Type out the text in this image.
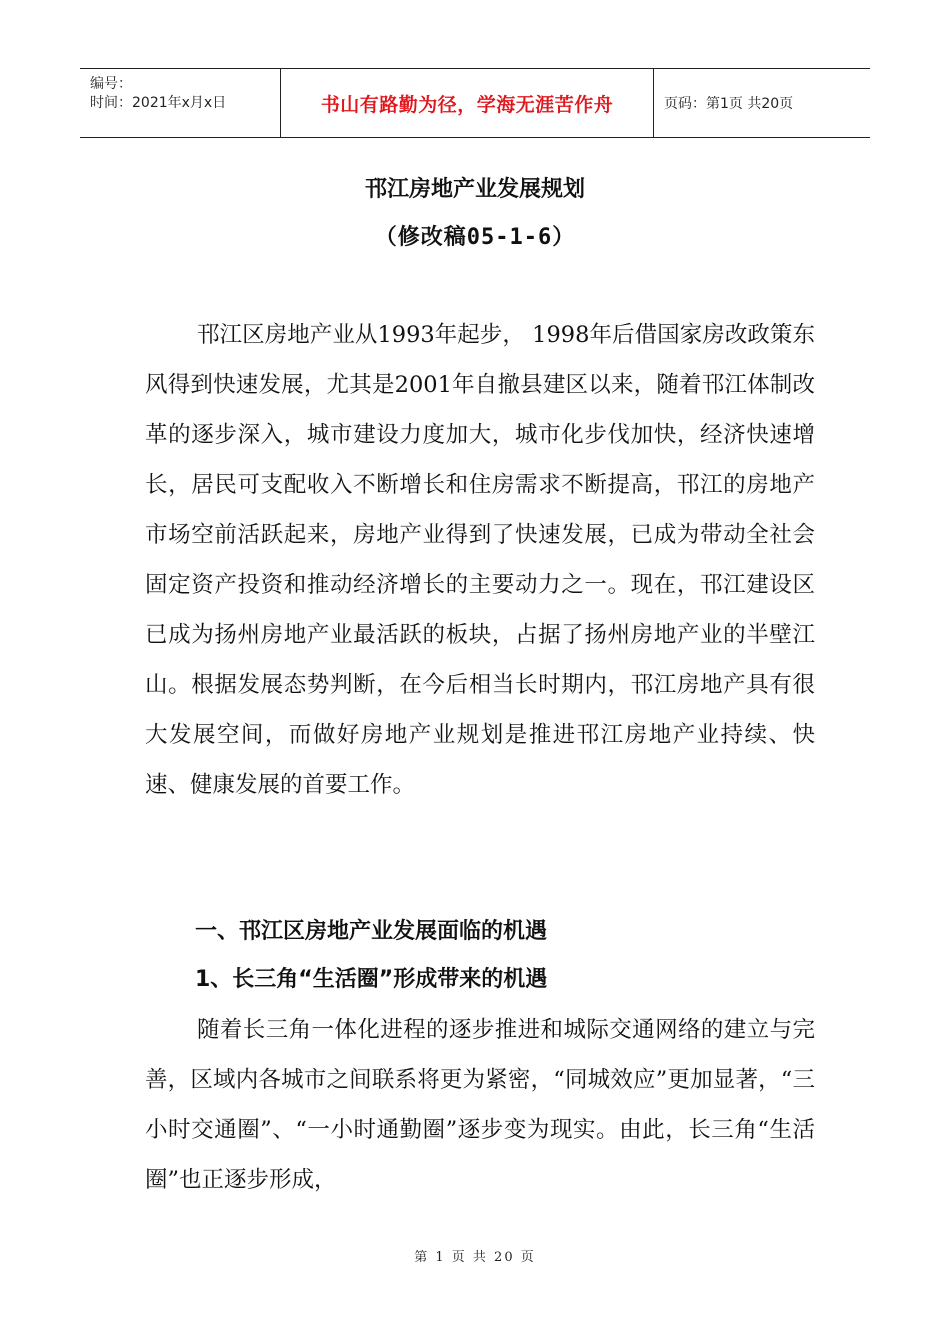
编号：
时间：2021年x月x日	书山有路勤为径，学海无涯苦作舟	页码：第1页 共20页
邗江房地产业发展规划
（修改稿05-1-6）

邗江区房地产业从1993年起步， 1998年后借国家房改政策东风得到快速发展，尤其是2001年自撤县建区以来，随着邗江体制改革的逐步深入，城市建设力度加大，城市化步伐加快，经济快速增长，居民可支配收入不断增长和住房需求不断提高，邗江的房地产市场空前活跃起来，房地产业得到了快速发展，已成为带动全社会固定资产投资和推动经济增长的主要动力之一。现在，邗江建设区已成为扬州房地产业最活跃的板块，占据了扬州房地产业的半壁江山。根据发展态势判断，在今后相当长时期内，邗江房地产具有很大发展空间，而做好房地产业规划是推进邗江房地产业持续、快速、健康发展的首要工作。

一、邗江区房地产业发展面临的机遇
1、长三角“生活圈”形成带来的机遇

随着长三角一体化进程的逐步推进和城际交通网络的建立与完善，区域内各城市之间联系将更为紧密，“同城效应”更加显著，“三小时交通圈”、“一小时通勤圈”逐步变为现实。由此，长三角“生活圈”也正逐步形成，

第 1 页 共 20 页
